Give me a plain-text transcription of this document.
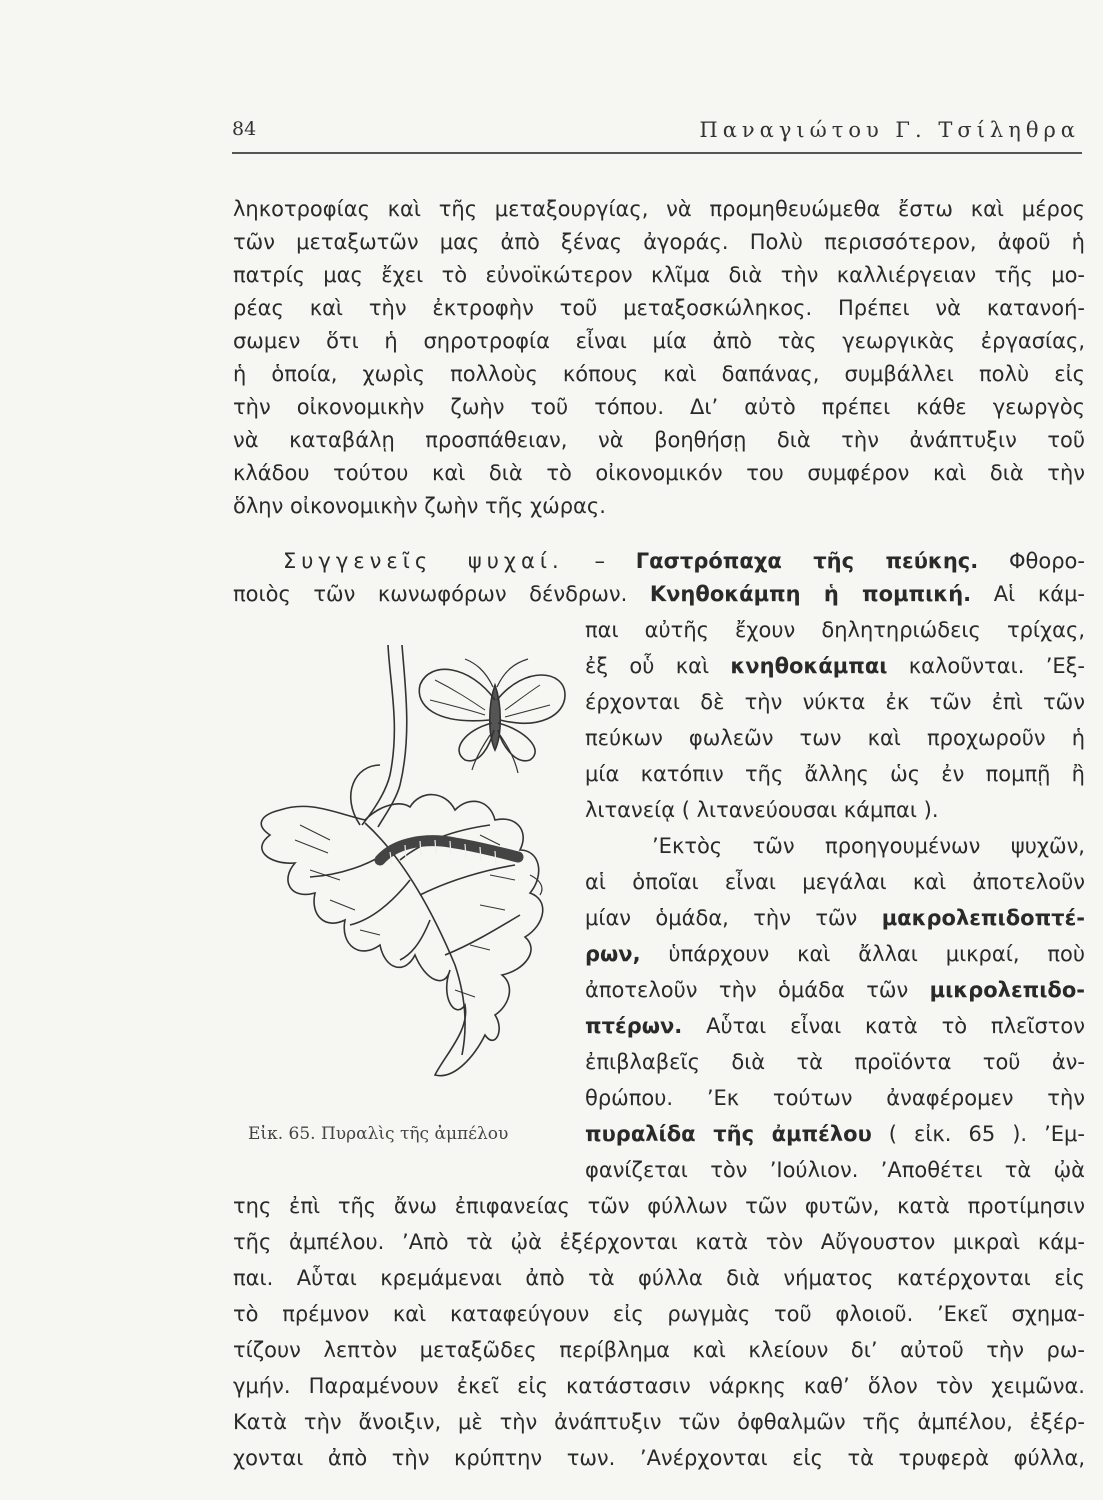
84	Παναγιώτου Γ. Τσίληθρα
ληκοτροφίας καὶ τῆς μεταξουργίας, νὰ προμηθευώμεθα ἔστω καὶ μέρος
τῶν μεταξωτῶν μας ἀπὸ ξένας ἀγοράς. Πολὺ περισσότερον, ἀφοῦ ἡ
πατρίς μας ἔχει τὸ εὐνοϊκώτερον κλῖμα διὰ τὴν καλλιέργειαν τῆς μο-
ρέας καὶ τὴν ἐκτροφὴν τοῦ μεταξοσκώληκος. Πρέπει νὰ κατανοή-
σωμεν ὅτι ἡ σηροτροφία εἶναι μία ἀπὸ τὰς γεωργικὰς ἐργασίας,
ἡ ὁποία, χωρὶς πολλοὺς κόπους καὶ δαπάνας, συμβάλλει πολὺ εἰς
τὴν οἰκονομικὴν ζωὴν τοῦ τόπου. Δι’ αὐτὸ πρέπει κάθε γεωργὸς
νὰ καταβάλῃ προσπάθειαν, νὰ βοηθήσῃ διὰ τὴν ἀνάπτυξιν τοῦ
κλάδου τούτου καὶ διὰ τὸ οἰκονομικόν του συμφέρον καὶ διὰ τὴν
ὅλην οἰκονομικὴν ζωὴν τῆς χώρας.
Συγγενεῖς ψυχαί. – Γαστρόπαχα τῆς πεύκης. Φθορο-
ποιὸς τῶν κωνωφόρων δένδρων. Κνηθοκάμπη ἡ πομπική. Αἱ κάμ-
παι αὐτῆς ἔχουν δηλητηριώδεις τρίχας,
ἐξ οὗ καὶ κνηθοκάμπαι καλοῦνται. ’Εξ-
έρχονται δὲ τὴν νύκτα ἐκ τῶν ἐπὶ τῶν
πεύκων φωλεῶν των καὶ προχωροῦν ἡ
μία κατόπιν τῆς ἄλλης ὡς ἐν πομπῇ ἢ
λιτανείᾳ ( λιτανεύουσαι κάμπαι ).
’Εκτὸς τῶν προηγουμένων ψυχῶν,
αἱ ὁποῖαι εἶναι μεγάλαι καὶ ἀποτελοῦν
μίαν ὁμάδα, τὴν τῶν μακρολεπιδοπτέ-
ρων, ὑπάρχουν καὶ ἄλλαι μικραί, ποὺ
ἀποτελοῦν τὴν ὁμάδα τῶν μικρολεπιδο-
πτέρων. Αὗται εἶναι κατὰ τὸ πλεῖστον
ἐπιβλαβεῖς διὰ τὰ προϊόντα τοῦ ἀν-
θρώπου. ’Εκ τούτων ἀναφέρομεν τὴν
πυραλίδα τῆς ἀμπέλου ( εἰκ. 65 ). ’Εμ-
φανίζεται τὸν ’Ιούλιον. ’Αποθέτει τὰ ᾠὰ
της ἐπὶ τῆς ἄνω ἐπιφανείας τῶν φύλλων τῶν φυτῶν, κατὰ προτίμησιν
τῆς ἀμπέλου. ’Απὸ τὰ ᾠὰ ἐξέρχονται κατὰ τὸν Αὔγουστον μικραὶ κάμ-
παι. Αὗται κρεμάμεναι ἀπὸ τὰ φύλλα διὰ νήματος κατέρχονται εἰς
τὸ πρέμνον καὶ καταφεύγουν εἰς ρωγμὰς τοῦ φλοιοῦ. ’Εκεῖ σχημα-
τίζουν λεπτὸν μεταξῶδες περίβλημα καὶ κλείουν δι’ αὐτοῦ τὴν ρω-
γμήν. Παραμένουν ἐκεῖ εἰς κατάστασιν νάρκης καθ’ ὅλον τὸν χειμῶνα.
Κατὰ τὴν ἄνοιξιν, μὲ τὴν ἀνάπτυξιν τῶν ὀφθαλμῶν τῆς ἀμπέλου, ἐξέρ-
χονται ἀπὸ τὴν κρύπτην των. ’Ανέρχονται εἰς τὰ τρυφερὰ φύλλα,
Εἰκ. 65. Πυραλὶς τῆς ἀμπέλου
